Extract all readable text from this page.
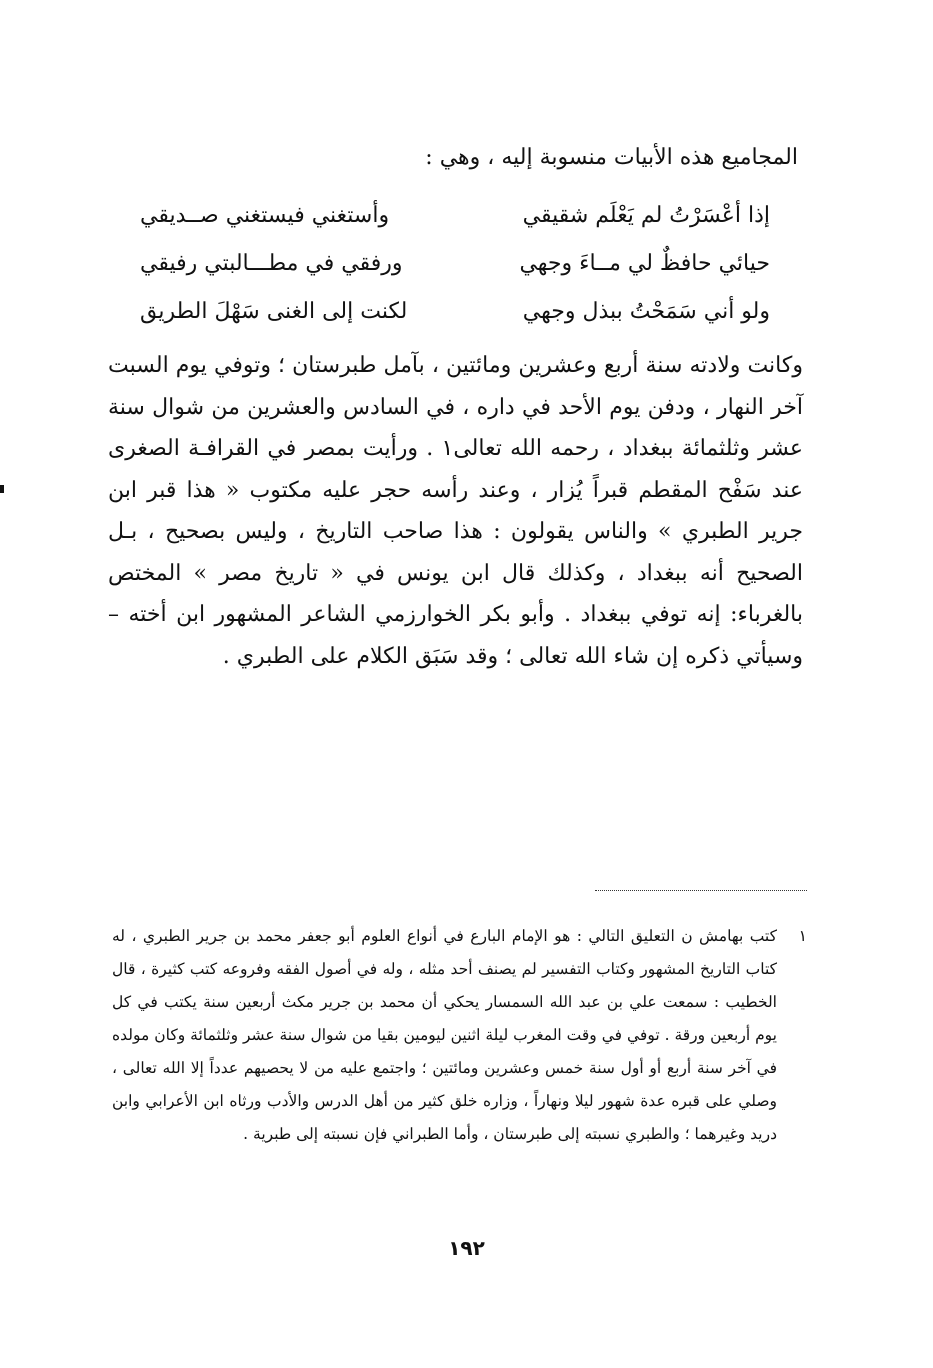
المجاميع هذه الأبيات منسوبة إليه ، وهي :

إذا أعْسَرْتُ لم يَعْلَم شقيقي
وأستغني فيستغني صــديقي
حيائي حافظٌ لي مــاءَ وجهي
ورفقي في مطـــالبتي رفيقي
ولو أني سَمَحْتُ ببذل وجهي
لكنت إلى الغنى سَهْلَ الطريق

وكانت ولادته سنة أربع وعشرين ومائتين ، بآمل طبرستان ؛ وتوفي يوم السبت آخر النهار ، ودفن يوم الأحد في داره ، في السادس والعشرين من شوال سنة عشر وثلثمائة ببغداد ، رحمه الله تعالى١ . ورأيت بمصر في القرافـة الصغرى عند سَفْح المقطم قبراً يُزار ، وعند رأسه حجر عليه مكتوب « هذا قبر ابن جرير الطبري » والناس يقولون : هذا صاحب التاريخ ، وليس بصحيح ، بـل الصحيح أنه ببغداد ، وكذلك قال ابن يونس في « تاريخ مصر » المختص بالغرباء: إنه توفي ببغداد . وأبو بكر الخوارزمي الشاعر المشهور ابن أخته – وسيأتي ذكره إن شاء الله تعالى ؛ وقد سَبَق الكلام على الطبري .

١
كتب بهامش ن التعليق التالي : هو الإمام البارع في أنواع العلوم أبو جعفر محمد بن جرير الطبري ، له كتاب التاريخ المشهور وكتاب التفسير لم يصنف أحد مثله ، وله في أصول الفقه وفروعه كتب كثيرة ، قال الخطيب : سمعت علي بن عبد الله السمسار يحكي أن محمد بن جرير مكث أربعين سنة يكتب في كل يوم أربعين ورقة . توفي في وقت المغرب ليلة اثنين ليومين بقيا من شوال سنة عشر وثلثمائة وكان مولده في آخر سنة أربع أو أول سنة خمس وعشرين ومائتين ؛ واجتمع عليه من لا يحصيهم عدداً إلا الله تعالى ، وصلي على قبره عدة شهور ليلا ونهاراً ، وزاره خلق كثير من أهل الدرس والأدب ورثاه ابن الأعرابي وابن دريد وغيرهما ؛ والطبري نسبته إلى طبرستان ، وأما الطبراني فإن نسبته إلى طبرية .
١٩٢
